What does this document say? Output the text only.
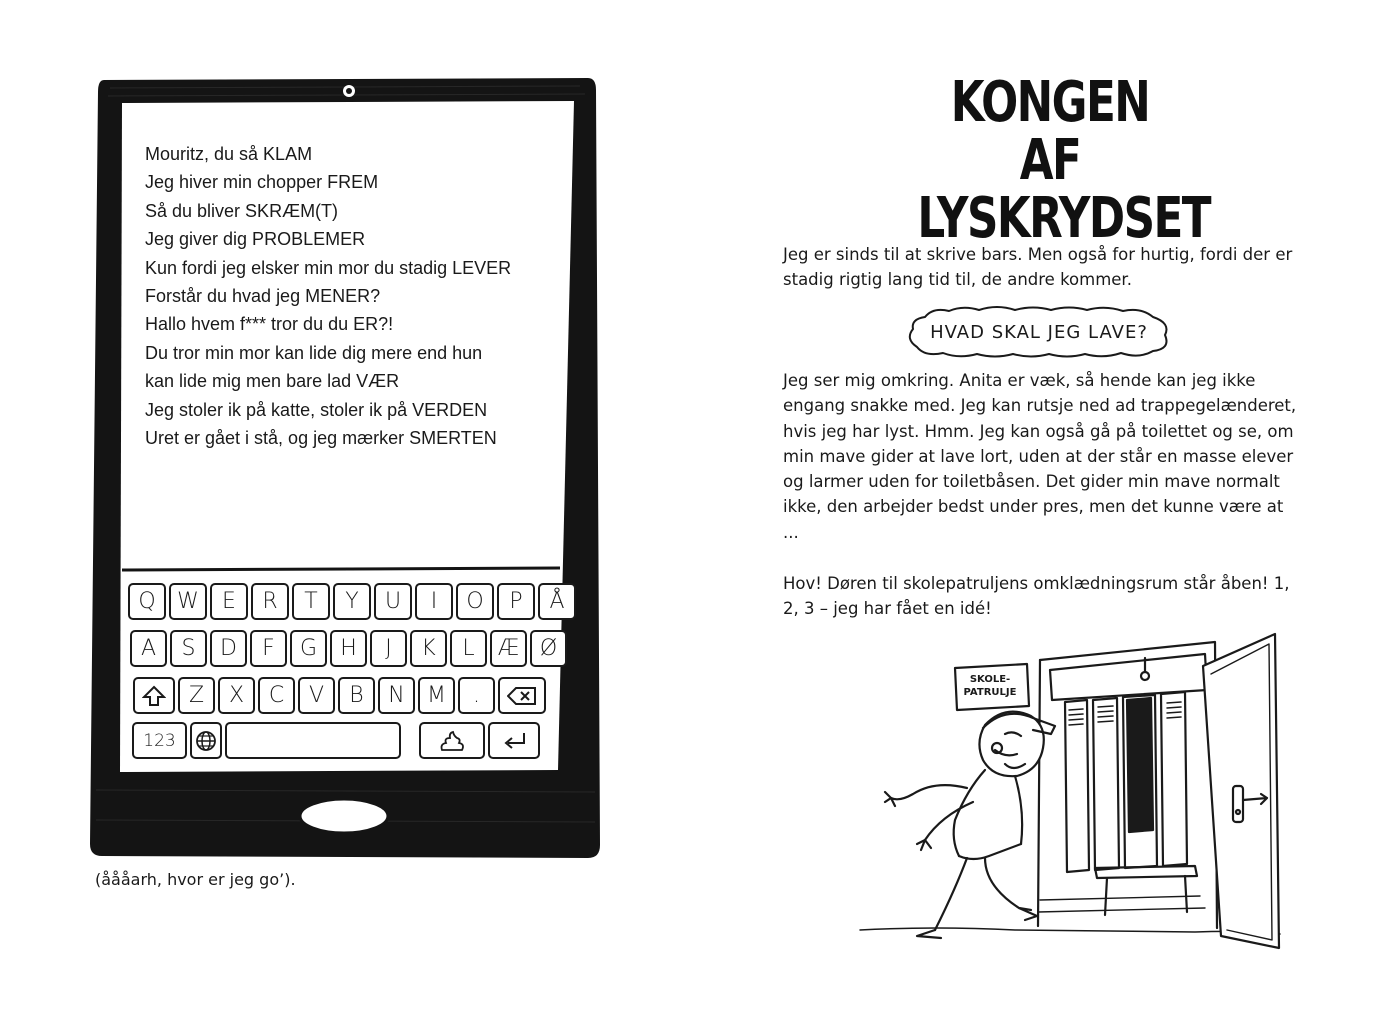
Mouritz, du så KLAM
Jeg hiver min chopper FREM
Så du bliver SKRÆM(T)
Jeg giver dig PROBLEMER
Kun fordi jeg elsker min mor du stadig LEVER
Forstår du hvad jeg MENER?
Hallo hvem f*** tror du du ER?!
Du tror min mor kan lide dig mere end hun
kan lide mig men bare lad VÆR
Jeg stoler ik på katte, stoler ik på VERDEN
Uret er gået i stå, og jeg mærker SMERTEN
Q W	E	R	T	Y	U	I	O	P	Å
A	S	D	F	G	H	J	K	L	Æ Ø
Z	X	C	V	B	N	M	.
123
(åååarh, hvor er jeg go’).
KONGEN AF
LYSKRYDSET

Jeg er sinds til at skrive bars. Men også for hurtig, fordi der er stadig rigtig lang tid til, de andre kommer.

HVAD SKAL JEG LAVE?

Jeg ser mig omkring. Anita er væk, så hende kan jeg ikke engang snakke med. Jeg kan rutsje ned ad trappegelænderet, hvis jeg har lyst. Hmm. Jeg kan også gå på toilettet og se, om min mave gider at lave lort, uden at der står en masse elever og larmer uden for toiletbåsen. Det gider min mave normalt ikke, den arbejder bedst under pres, men det kunne være at ...

Hov! Døren til skolepatruljens omklædningsrum står åben! 1, 2, 3 – jeg har fået en idé!

SKOLE-
PATRULJE
